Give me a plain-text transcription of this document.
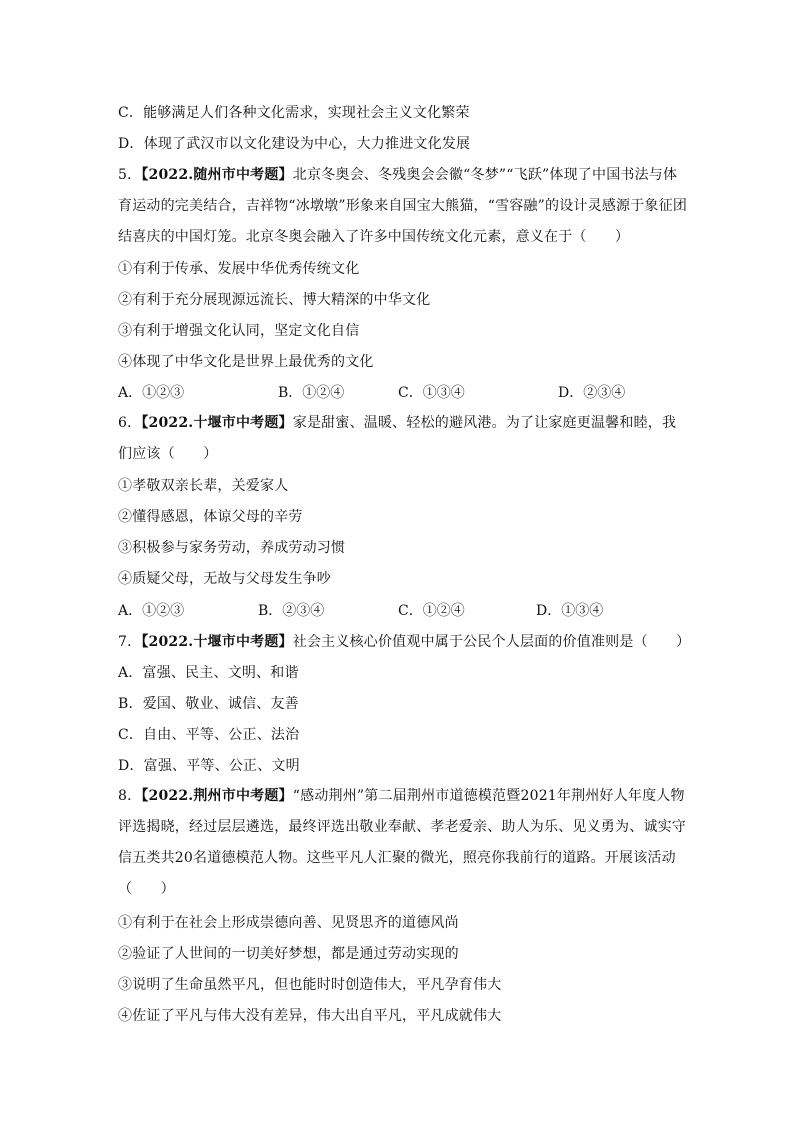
C．能够满足人们各种文化需求，实现社会主义文化繁荣
D．体现了武汉市以文化建设为中心，大力推进文化发展
5．【2022.随州市中考题】北京冬奥会、冬残奥会会徽“冬梦”“飞跃”体现了中国书法与体育运动的完美结合，吉祥物“冰墩墩”形象来自国宝大熊猫，“雪容融”的设计灵感源于象征团结喜庆的中国灯笼。北京冬奥会融入了许多中国传统文化元素，意义在于（　　）
①有利于传承、发展中华优秀传统文化
②有利于充分展现源远流长、博大精深的中华文化
③有利于增强文化认同，坚定文化自信
④体现了中华文化是世界上最优秀的文化
A．①②③	B．①②④	C．①③④	D．②③④
6．【2022.十堰市中考题】家是甜蜜、温暖、轻松的避风港。为了让家庭更温馨和睦，我们应该（　　）
①孝敬双亲长辈，关爱家人
②懂得感恩，体谅父母的辛劳
③积极参与家务劳动，养成劳动习惯
④质疑父母，无故与父母发生争吵
A．①②③	B．②③④	C．①②④	D．①③④
7．【2022.十堰市中考题】社会主义核心价值观中属于公民个人层面的价值准则是（　　）
A．富强、民主、文明、和谐
B．爱国、敬业、诚信、友善
C．自由、平等、公正、法治
D．富强、平等、公正、文明
8．【2022.荆州市中考题】“感动荆州”第二届荆州市道德模范暨2021年荆州好人年度人物评选揭晓，经过层层遴选，最终评选出敬业奉献、孝老爱亲、助人为乐、见义勇为、诚实守信五类共20名道德模范人物。这些平凡人汇聚的微光，照亮你我前行的道路。开展该活动（　　）
①有利于在社会上形成崇德向善、见贤思齐的道德风尚
②验证了人世间的一切美好梦想，都是通过劳动实现的
③说明了生命虽然平凡，但也能时时创造伟大，平凡孕育伟大
④佐证了平凡与伟大没有差异，伟大出自平凡，平凡成就伟大
